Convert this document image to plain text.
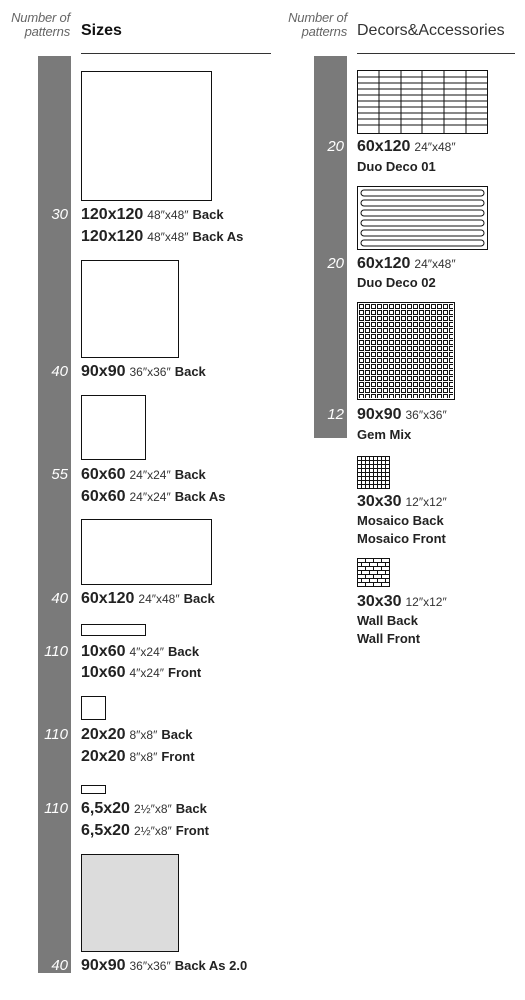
Number of patterns Sizes
30 120x120 48″x48″ Back
120x120 48″x48″ Back As
40 90x90 36″x36″ Back
55 60x60 24″x24″ Back
60x60 24″x24″ Back As
40 60x120 24″x48″ Back
110 10x60 4″x24″ Back
10x60 4″x24″ Front
110 20x20 8″x8″ Back
20x20 8″x8″ Front
110 6,5x20 2½″x8″ Back
6,5x20 2½″x8″ Front
40 90x90 36″x36″ Back As 2.0
Number of patterns Decors&Accessories
20 60x120 24″x48″
Duo Deco 01
20 60x120 24″x48″
Duo Deco 02
12 90x90 36″x36″
Gem Mix
30x30 12″x12″
Mosaico Back
Mosaico Front
30x30 12″x12″
Wall Back
Wall Front
